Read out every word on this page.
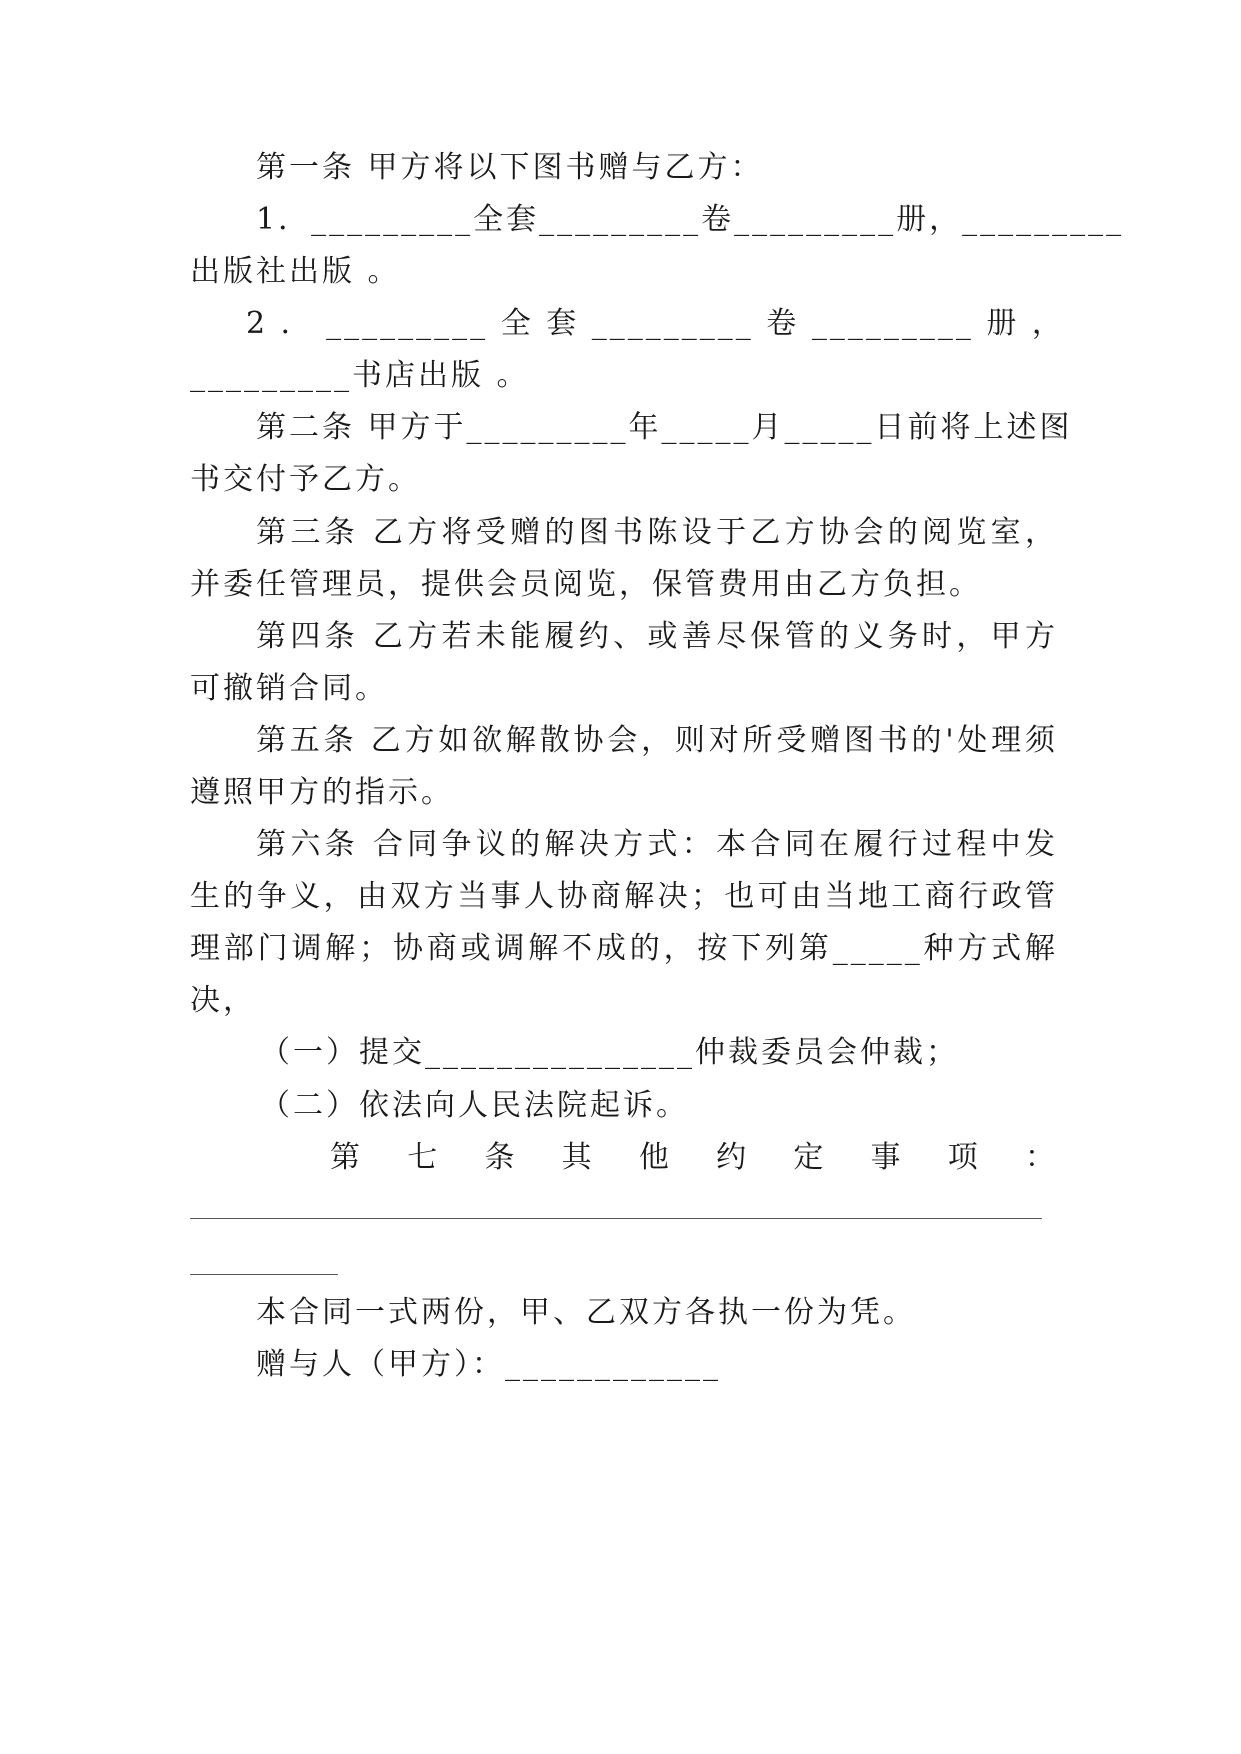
第一条 甲方将以下图书赠与乙方：
1．_________全套_________卷_________册，_________
出版社出版 。
2 ． _________ 全 套 _________ 卷 _________ 册 ，
_________书店出版 。
第二条 甲方于_________年_____月_____日前将上述图
书交付予乙方。
第三条 乙方将受赠的图书陈设于乙方协会的阅览室，
并委任管理员，提供会员阅览，保管费用由乙方负担。
第四条 乙方若未能履约、或善尽保管的义务时，甲方
可撤销合同。
第五条 乙方如欲解散协会，则对所受赠图书的'处理须
遵照甲方的指示。
第六条 合同争议的解决方式：本合同在履行过程中发
生的争义，由双方当事人协商解决；也可由当地工商行政管
理部门调解；协商或调解不成的，按下列第_____种方式解
决，
（一）提交_______________仲裁委员会仲裁；
（二）依法向人民法院起诉。
第 七 条 其 他 约 定 事 项 ：
本合同一式两份，甲、乙双方各执一份为凭。
赠与人（甲方）：____________
